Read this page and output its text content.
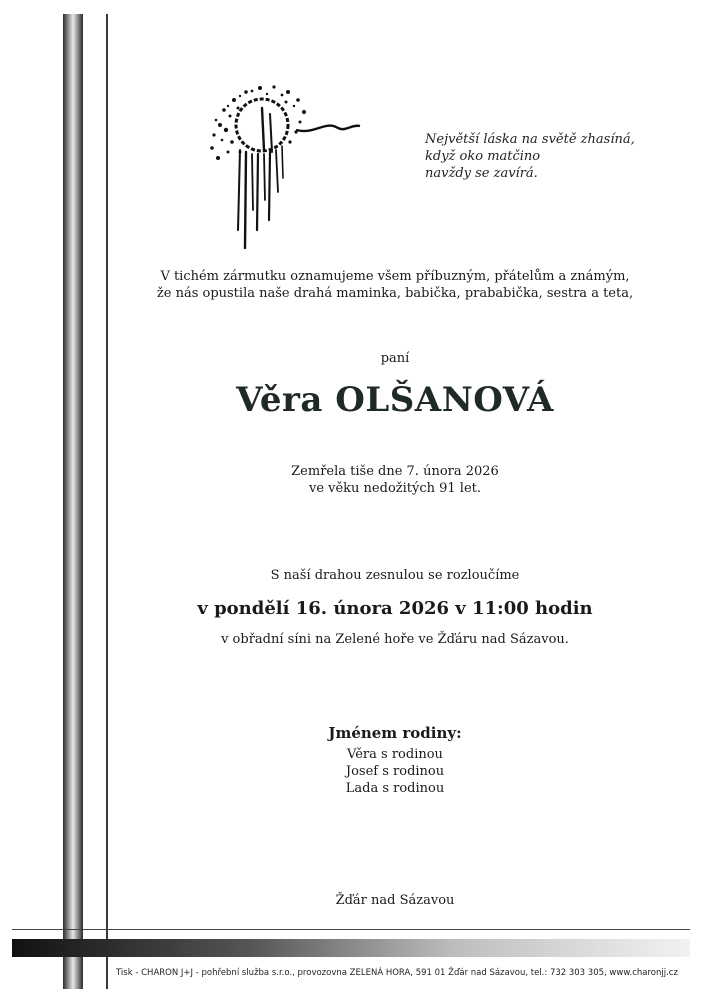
Největší láska na světě zhasíná,
když oko matčino
navždy se zavírá.
V tichém zármutku oznamujeme všem příbuzným, přátelům a známým,
že nás opustila naše drahá maminka, babička, prababička, sestra a teta,
paní
Věra OLŠANOVÁ
Zemřela tiše dne 7. února 2026
ve věku nedožitých 91 let.
S naší drahou zesnulou se rozloučíme
v pondělí 16. února 2026 v 11:00 hodin
v obřadní síni na Zelené hoře ve Žďáru nad Sázavou.
Jménem rodiny:
Věra s rodinou
Josef s rodinou
Lada s rodinou
Žďár nad Sázavou
Tisk - CHARON J+J - pohřební služba s.r.o., provozovna ZELENÁ HORA, 591 01 Žďár nad Sázavou, tel.: 732 303 305, www.charonjj.cz
